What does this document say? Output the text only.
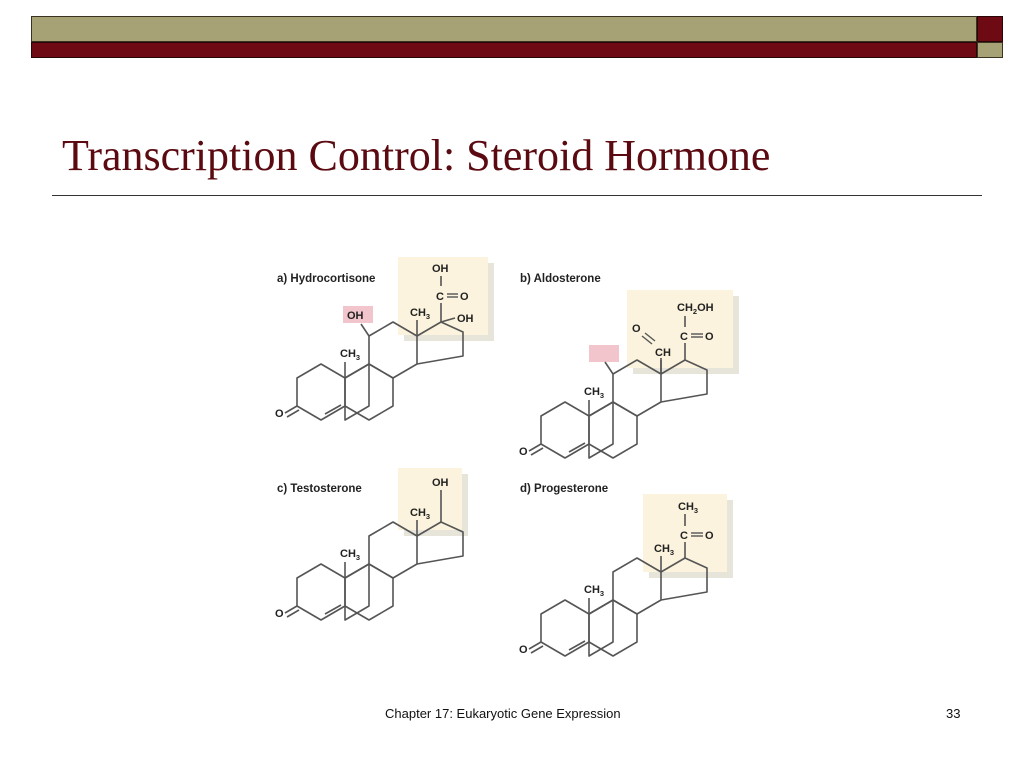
Transcription Control: Steroid Hormone
a) Hydrocortisone
OH
$CH_3$
$CH_3$
OH
C O
OH
O
b) Aldosterone
$CH_3$
CH
O
C O
$CH_2OH$
O
c) Testosterone
$CH_3$
$CH_3$
OH
O
d) Progesterone
$CH_3$
$CH_3$
C O
$CH_3$
O
Chapter 17: Eukaryotic Gene Expression	33
